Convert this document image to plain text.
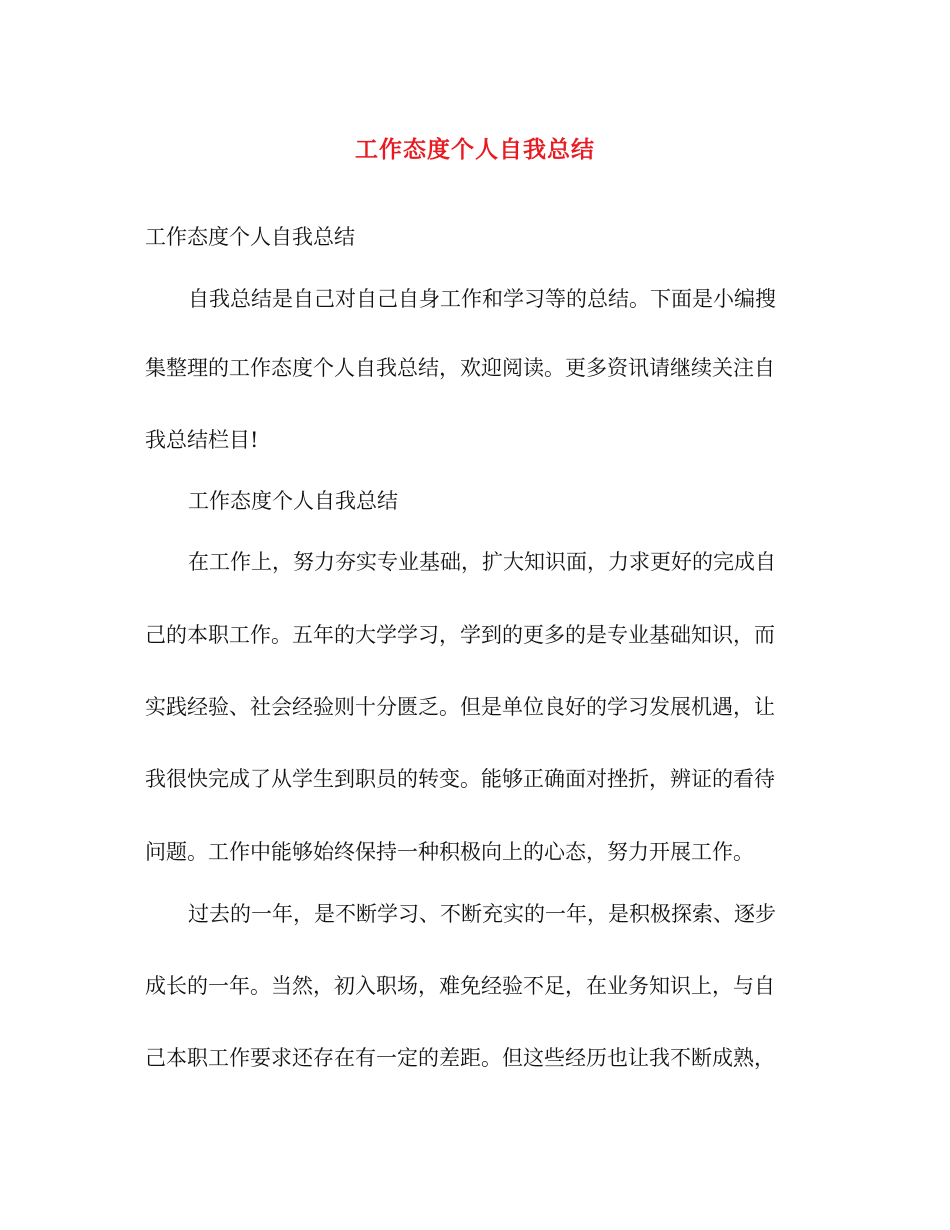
工作态度个人自我总结
工作态度个人自我总结
自我总结是自己对自己自身工作和学习等的总结。下面是小编搜
集整理的工作态度个人自我总结，欢迎阅读。更多资讯请继续关注自
我总结栏目!
工作态度个人自我总结
在工作上，努力夯实专业基础，扩大知识面，力求更好的完成自
己的本职工作。五年的大学学习，学到的更多的是专业基础知识，而
实践经验、社会经验则十分匮乏。但是单位良好的学习发展机遇，让
我很快完成了从学生到职员的转变。能够正确面对挫折，辨证的看待
问题。工作中能够始终保持一种积极向上的心态，努力开展工作。
过去的一年，是不断学习、不断充实的一年，是积极探索、逐步
成长的一年。当然，初入职场，难免经验不足，在业务知识上，与自
己本职工作要求还存在有一定的差距。但这些经历也让我不断成熟，
